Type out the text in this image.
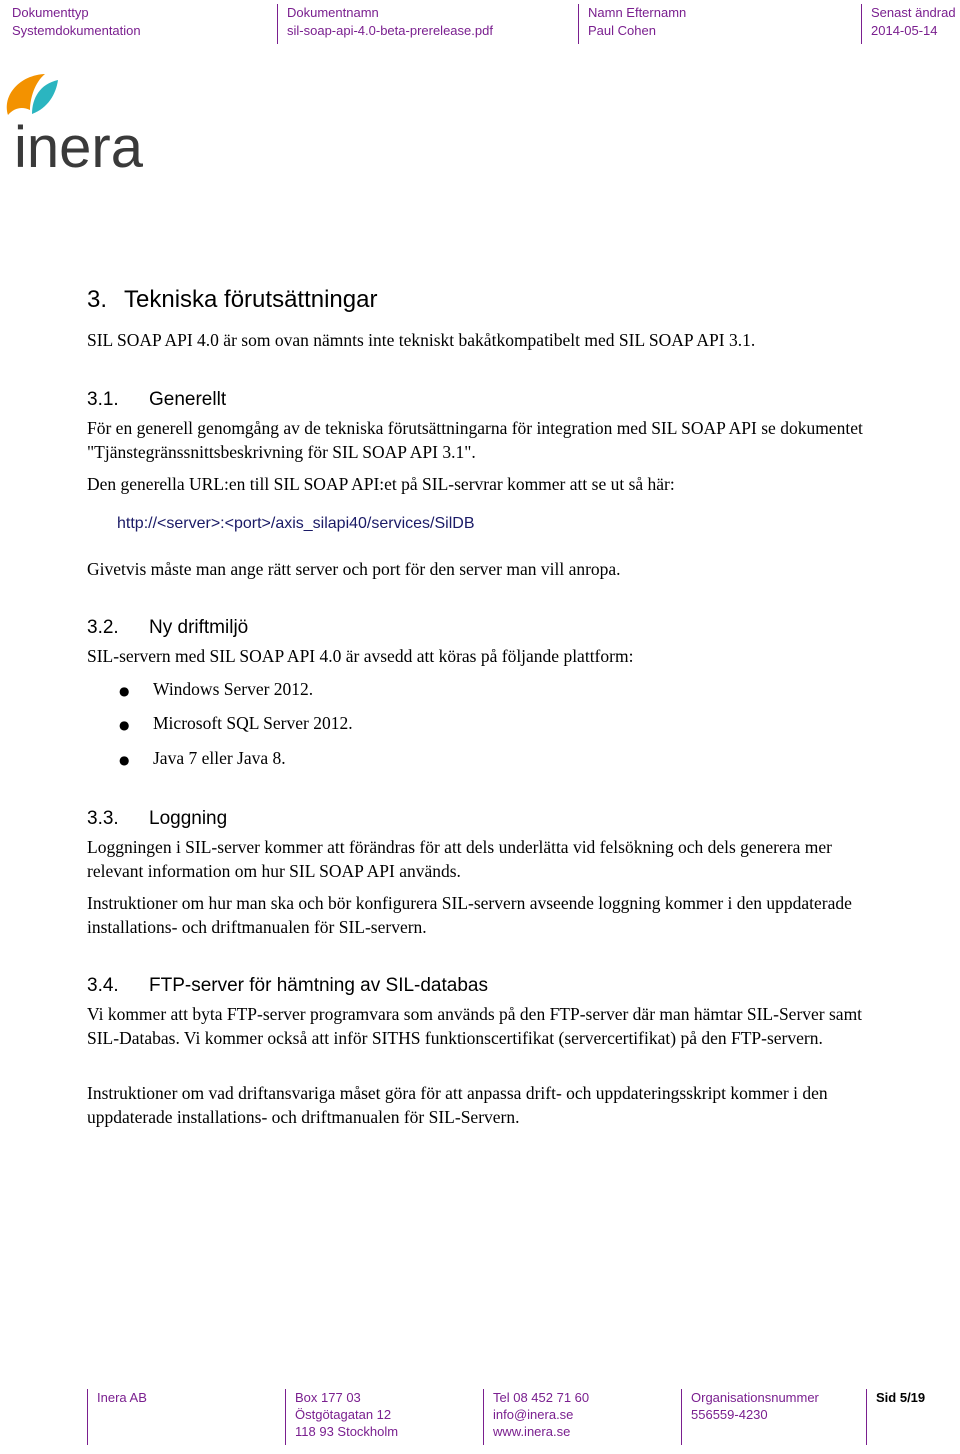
Dokumenttyp
Systemdokumentation
Dokumentnamn
sil-soap-api-4.0-beta-prerelease.pdf
Namn Efternamn
Paul Cohen
Senast ändrad
2014-05-14
inera
3. Tekniska förutsättningar
SIL SOAP API 4.0 är som ovan nämnts inte tekniskt bakåtkompatibelt med SIL SOAP API 3.1.
3.1. Generellt
För en generell genomgång av de tekniska förutsättningarna för integration med SIL SOAP API se dokumentet "Tjänstegränssnittsbeskrivning för SIL SOAP API 3.1".
Den generella URL:en till SIL SOAP API:et på SIL-servrar kommer att se ut så här:
http://<server>:<port>/axis_silapi40/services/SilDB
Givetvis måste man ange rätt server och port för den server man vill anropa.
3.2. Ny driftmiljö
SIL-servern med SIL SOAP API 4.0 är avsedd att köras på följande plattform:
● Windows Server 2012.
● Microsoft SQL Server 2012.
● Java 7 eller Java 8.
3.3. Loggning
Loggningen i SIL-server kommer att förändras för att dels underlätta vid felsökning och dels generera mer relevant information om hur SIL SOAP API används.
Instruktioner om hur man ska och bör konfigurera SIL-servern avseende loggning kommer i den uppdaterade installations- och driftmanualen för SIL-servern.
3.4. FTP-server för hämtning av SIL-databas
Vi kommer att byta FTP-server programvara som används på den FTP-server där man hämtar SIL-Server samt SIL-Databas. Vi kommer också att inför SITHS funktionscertifikat (servercertifikat) på den FTP-servern.
Instruktioner om vad driftansvariga måset göra för att anpassa drift- och uppdateringsskript kommer i den uppdaterade installations- och driftmanualen för SIL-Servern.
Inera AB	Box 177 03
Östgötagatan 12
118 93 Stockholm
Tel 08 452 71 60
info@inera.se
www.inera.se
Organisationsnummer
556559-4230
Sid 5/19
